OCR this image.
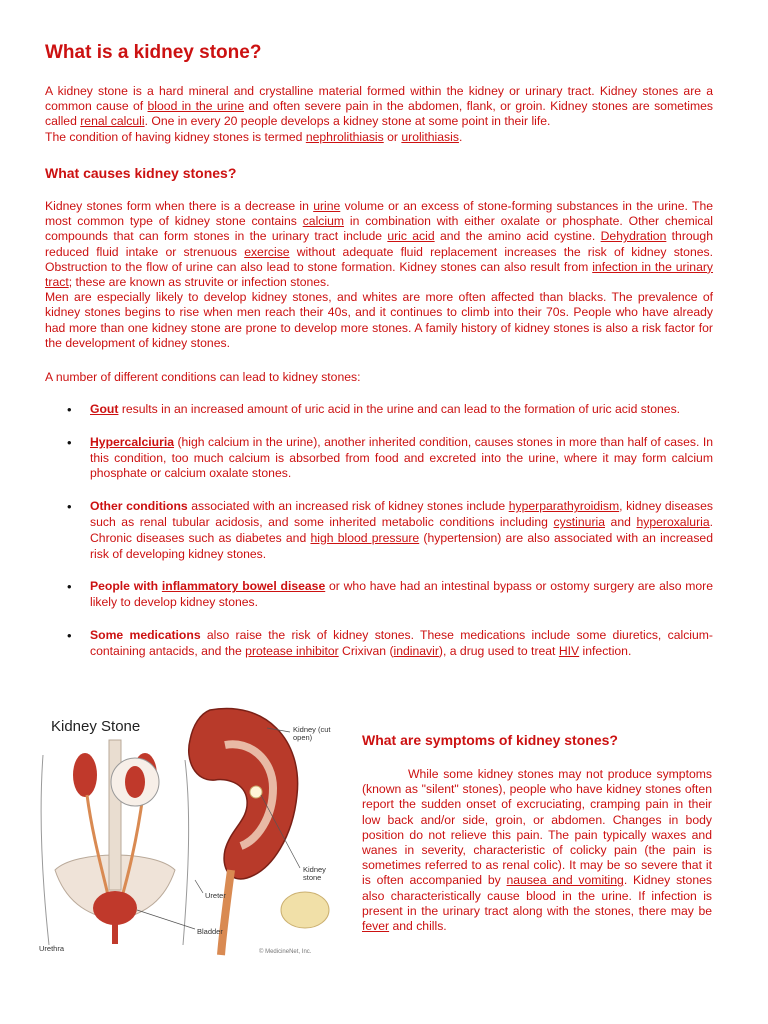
What is a kidney stone?

A kidney stone is a hard mineral and crystalline material formed within the kidney or urinary tract. Kidney stones are a common cause of blood in the urine and often severe pain in the abdomen, flank, or groin. Kidney stones are sometimes called renal calculi. One in every 20 people develops a kidney stone at some point in their life.
The condition of having kidney stones is termed nephrolithiasis or urolithiasis.

What causes kidney stones?

Kidney stones form when there is a decrease in urine volume or an excess of stone-forming substances in the urine. The most common type of kidney stone contains calcium in combination with either oxalate or phosphate. Other chemical compounds that can form stones in the urinary tract include uric acid and the amino acid cystine. Dehydration through reduced fluid intake or strenuous exercise without adequate fluid replacement increases the risk of kidney stones. Obstruction to the flow of urine can also lead to stone formation. Kidney stones can also result from infection in the urinary tract; these are known as struvite or infection stones.
Men are especially likely to develop kidney stones, and whites are more often affected than blacks. The prevalence of kidney stones begins to rise when men reach their 40s, and it continues to climb into their 70s. People who have already had more than one kidney stone are prone to develop more stones. A family history of kidney stones is also a risk factor for the development of kidney stones.

A number of different conditions can lead to kidney stones:

• Gout results in an increased amount of uric acid in the urine and can lead to the formation of uric acid stones.
• Hypercalciuria (high calcium in the urine), another inherited condition, causes stones in more than half of cases. In this condition, too much calcium is absorbed from food and excreted into the urine, where it may form calcium phosphate or calcium oxalate stones.
• Other conditions associated with an increased risk of kidney stones include hyperparathyroidism, kidney diseases such as renal tubular acidosis, and some inherited metabolic conditions including cystinuria and hyperoxaluria. Chronic diseases such as diabetes and high blood pressure (hypertension) are also associated with an increased risk of developing kidney stones.
• People with inflammatory bowel disease or who have had an intestinal bypass or ostomy surgery are also more likely to develop kidney stones.
• Some medications also raise the risk of kidney stones. These medications include some diuretics, calcium-containing antacids, and the protease inhibitor Crixivan (indinavir), a drug used to treat HIV infection.
Kidney Stone	Kidney (cut open)
Kidney stone
Ureter
Bladder
Urethra	© MedicineNet, Inc.
What are symptoms of kidney stones?

While some kidney stones may not produce symptoms (known as "silent" stones), people who have kidney stones often report the sudden onset of excruciating, cramping pain in their low back and/or side, groin, or abdomen. Changes in body position do not relieve this pain. The pain typically waxes and wanes in severity, characteristic of colicky pain (the pain is sometimes referred to as renal colic). It may be so severe that it is often accompanied by nausea and vomiting. Kidney stones also characteristically cause blood in the urine. If infection is present in the urinary tract along with the stones, there may be fever and chills.
